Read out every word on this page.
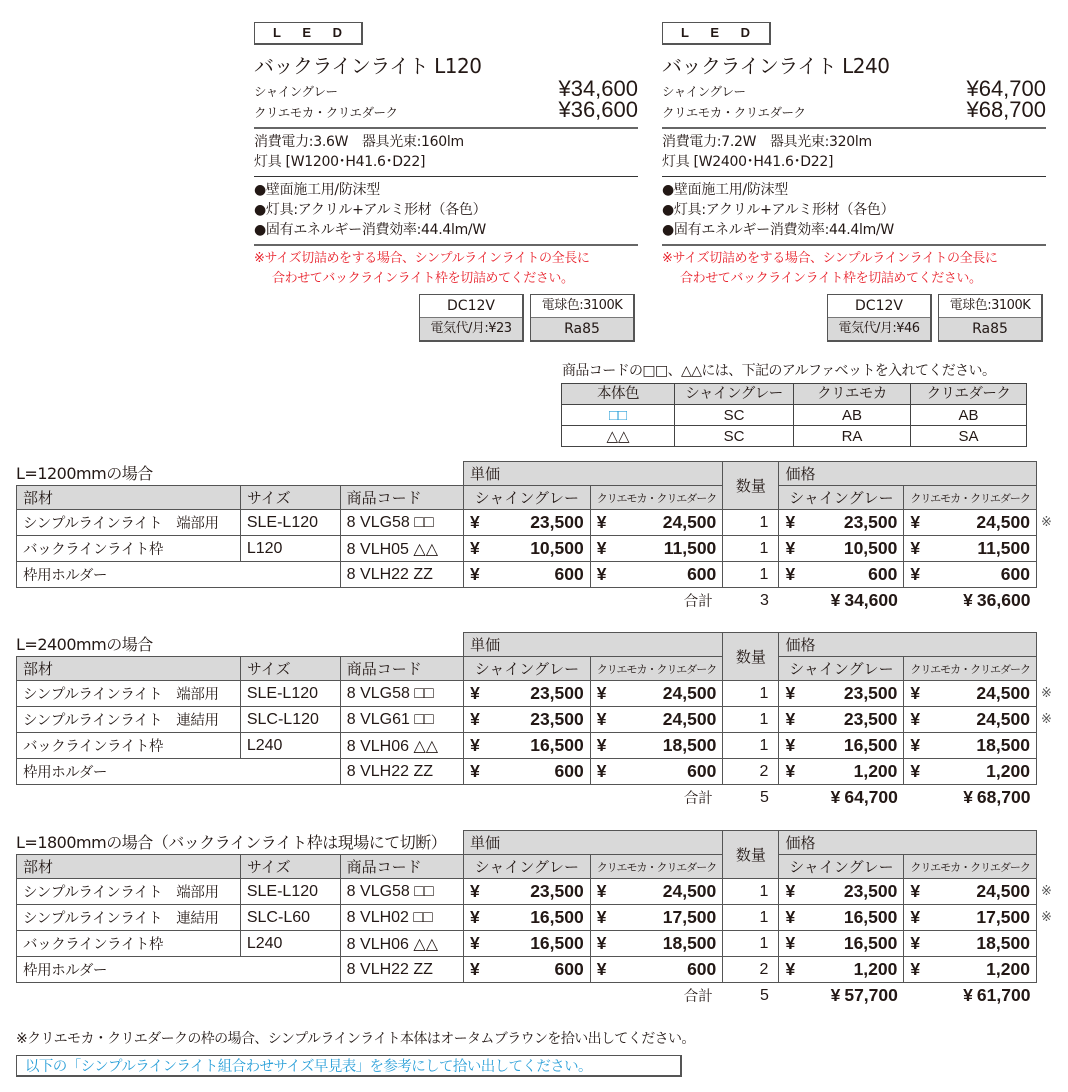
L E D
バックラインライト L120
シャイングレー	¥34,600
クリエモカ・クリエダーク	¥36,600
消費電力:3.6W　器具光束:160lm
灯具 [W1200･H41.6･D22]
●壁面施工用/防沫型
●灯具:アクリル+アルミ形材（各色）
●固有エネルギー消費効率:44.4lm/W
※サイズ切詰めをする場合、シンプルラインライトの全長に
合わせてバックラインライト枠を切詰めてください。
DC12V
電気代/月:¥23
電球色:3100K
Ra85
L E D
バックラインライト L240
シャイングレー	¥64,700
クリエモカ・クリエダーク	¥68,700
消費電力:7.2W　器具光束:320lm
灯具 [W2400･H41.6･D22]
●壁面施工用/防沫型
●灯具:アクリル+アルミ形材（各色）
●固有エネルギー消費効率:44.4lm/W
※サイズ切詰めをする場合、シンプルラインライトの全長に
合わせてバックラインライト枠を切詰めてください。
DC12V
電気代/月:¥46
電球色:3100K
Ra85
商品コードの□□、△△には、下記のアルファベットを入れてください。
本体色	シャイングレー	クリエモカ	クリエダーク
□□	SC	AB	AB
△△	SC	RA	SA
L=1200mmの場合
			単価		数量	価格		
部材	サイズ	商品コード	シャイングレー	クリエモカ・クリエダーク		シャイングレー	クリエモカ・クリエダーク	
シンプルラインライト　端部用	SLE-L120	8 VLG58 □□	¥ 23,500	¥ 24,500	1	¥ 23,500	¥ 24,500	※
バックラインライト枠	L120	8 VLH05 △△	¥ 10,500	¥ 11,500	1	¥ 10,500	¥ 11,500	
枠用ホルダー		8 VLH22 ZZ	¥ 600	¥ 600	1	¥ 600	¥ 600	
合計					3	¥ 34,600	¥ 36,600	
L=2400mmの場合
			単価		数量	価格		
部材	サイズ	商品コード	シャイングレー	クリエモカ・クリエダーク		シャイングレー	クリエモカ・クリエダーク	
シンプルラインライト　端部用	SLE-L120	8 VLG58 □□	¥ 23,500	¥ 24,500	1	¥ 23,500	¥ 24,500	※
シンプルラインライト　連結用	SLC-L120	8 VLG61 □□	¥ 23,500	¥ 24,500	1	¥ 23,500	¥ 24,500	※
バックラインライト枠	L240	8 VLH06 △△	¥ 16,500	¥ 18,500	1	¥ 16,500	¥ 18,500	
枠用ホルダー		8 VLH22 ZZ	¥ 600	¥ 600	2	¥ 1,200	¥ 1,200	
合計					5	¥ 64,700	¥ 68,700	
L=1800mmの場合（バックラインライト枠は現場にて切断）
			単価		数量	価格		
部材	サイズ	商品コード	シャイングレー	クリエモカ・クリエダーク		シャイングレー	クリエモカ・クリエダーク	
シンプルラインライト　端部用	SLE-L120	8 VLG58 □□	¥ 23,500	¥ 24,500	1	¥ 23,500	¥ 24,500	※
シンプルラインライト　連結用	SLC-L60	8 VLH02 □□	¥ 16,500	¥ 17,500	1	¥ 16,500	¥ 17,500	※
バックラインライト枠	L240	8 VLH06 △△	¥ 16,500	¥ 18,500	1	¥ 16,500	¥ 18,500	
枠用ホルダー		8 VLH22 ZZ	¥ 600	¥ 600	2	¥ 1,200	¥ 1,200	
合計					5	¥ 57,700	¥ 61,700	
※クリエモカ・クリエダークの枠の場合、シンプルラインライト本体はオータムブラウンを拾い出してください。
以下の「シンプルラインライト組合わせサイズ早見表」を参考にして拾い出してください。
